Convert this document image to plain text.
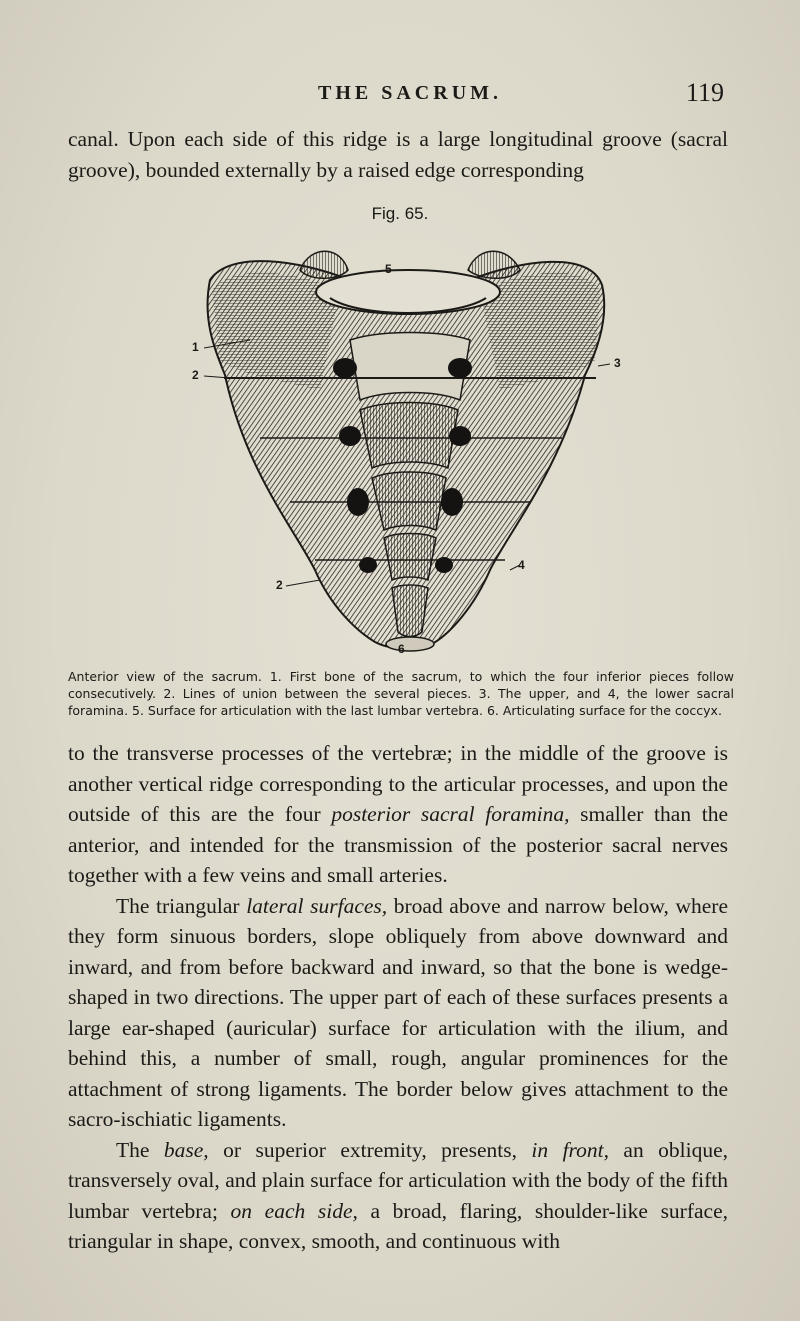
THE SACRUM.	119

canal. Upon each side of this ridge is a large longitudinal groove (sacral groove), bounded externally by a raised edge corresponding

Fig. 65.
5
1
2
3
2
4
6
Anterior view of the sacrum. 1. First bone of the sacrum, to which the four inferior pieces follow consecutively. 2. Lines of union between the several pieces. 3. The upper, and 4, the lower sacral foramina. 5. Surface for articulation with the last lumbar vertebra. 6. Articulating surface for the coccyx.

to the transverse processes of the vertebræ; in the middle of the groove is another vertical ridge corresponding to the articular processes, and upon the outside of this are the four posterior sacral foramina, smaller than the anterior, and intended for the transmission of the posterior sacral nerves together with a few veins and small arteries.

The triangular lateral surfaces, broad above and narrow below, where they form sinuous borders, slope obliquely from above downward and inward, and from before backward and inward, so that the bone is wedge-shaped in two directions. The upper part of each of these surfaces presents a large ear-shaped (auricular) surface for articulation with the ilium, and behind this, a number of small, rough, angular prominences for the attachment of strong ligaments. The border below gives attachment to the sacro-ischiatic ligaments.

The base, or superior extremity, presents, in front, an oblique, transversely oval, and plain surface for articulation with the body of the fifth lumbar vertebra; on each side, a broad, flaring, shoulder-like surface, triangular in shape, convex, smooth, and continuous with
